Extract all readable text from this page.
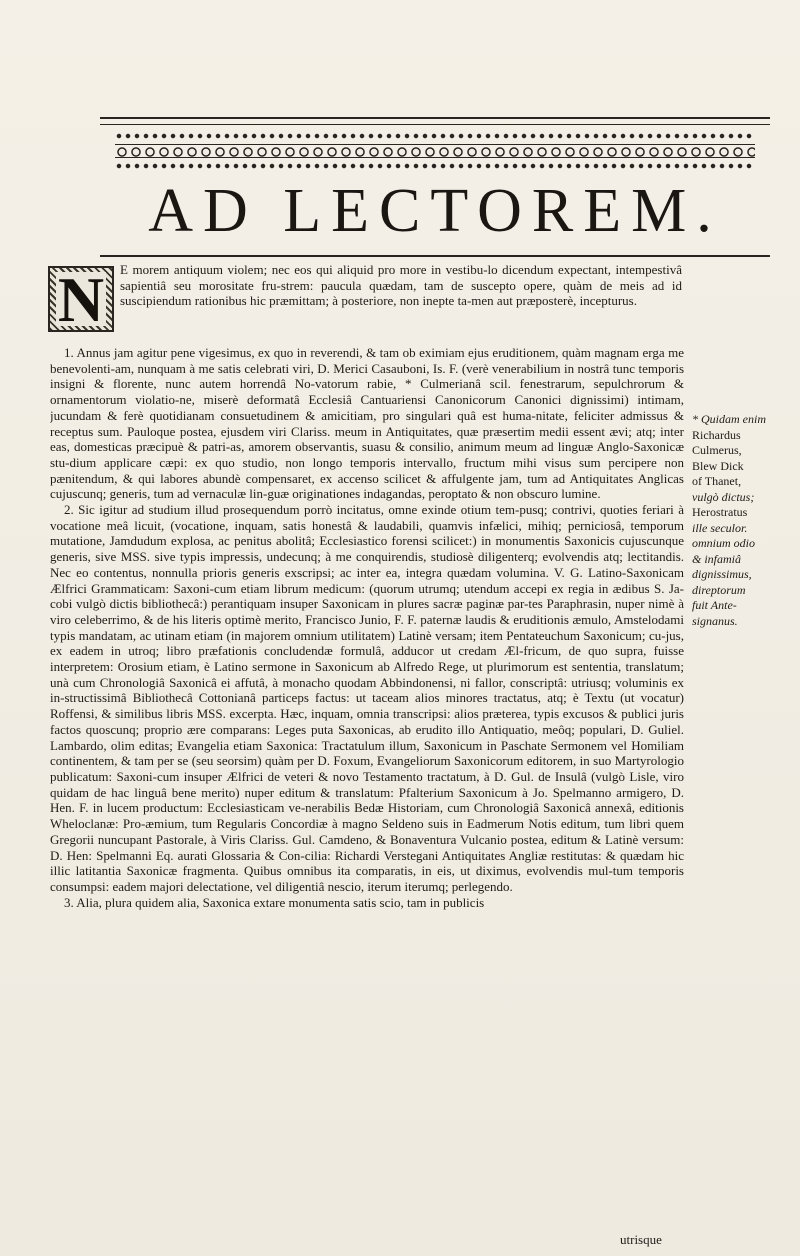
AD LECTOREM.
N E morem antiquum violem; nec eos qui aliquid pro more in vestibu-lo dicendum expectant, intempestivâ sapientiâ seu morositate fru-strem: paucula quædam, tam de suscepto opere, quàm de meis ad id suscipiendum rationibus hic præmittam; à posteriore, non inepte ta-men aut præposterè, incepturus.

1. Annus jam agitur pene vigesimus, ex quo in reverendi, & tam ob eximiam ejus eruditionem, quàm magnam erga me benevolenti-am, nunquam à me satis celebrati viri, D. Merici Casauboni, Is. F. (verè venerabilium in nostrâ tunc temporis insigni & florente, nunc autem horrendâ No-vatorum rabie, * Culmerianâ scil. fenestrarum, sepulchrorum & ornamentorum violatio-ne, miserè deformatâ Ecclesiâ Cantuariensi Canonicorum Canonici dignissimi) intimam, jucundam & ferè quotidianam consuetudinem & amicitiam, pro singulari quâ est huma-nitate, feliciter admissus & receptus sum. Pauloque postea, ejusdem viri Clariss. meum in Antiquitates, quæ præsertim medii essent ævi; atq; inter eas, domesticas præcipuè & patri-as, amorem observantis, suasu & consilio, animum meum ad linguæ Anglo-Saxonicæ stu-dium applicare cæpi: ex quo studio, non longo temporis intervallo, fructum mihi visus sum percipere non pænitendum, & qui labores abundè compensaret, ex accenso scilicet & affulgente jam, tum ad Antiquitates Anglicas cujuscunq; generis, tum ad vernaculæ lin-guæ originationes indagandas, peroptato & non obscuro lumine.

2. Sic igitur ad studium illud prosequendum porrò incitatus, omne exinde otium tem-pusq; contrivi, quoties feriari à vocatione meâ licuit, (vocatione, inquam, satis honestâ & laudabili, quamvis infælici, mihiq; perniciosâ, temporum mutatione, Jamdudum explosa, ac penitus abolitâ; Ecclesiastico forensi scilicet:) in monumentis Saxonicis cujuscunque generis, sive MSS. sive typis impressis, undecunq; à me conquirendis, studiosè diligenterq; evolvendis atq; lectitandis. Nec eo contentus, nonnulla prioris generis exscripsi; ac inter ea, integra quædam volumina. V. G. Latino-Saxonicam Ælfrici Grammaticam: Saxoni-cum etiam librum medicum: (quorum utrumq; utendum accepi ex regia in ædibus S. Ja-cobi vulgò dictis bibliothecâ:) perantiquam insuper Saxonicam in plures sacræ paginæ par-tes Paraphrasin, nuper nimè à viro celeberrimo, & de his literis optimè merito, Francisco Junio, F. F. paternæ laudis & eruditionis æmulo, Amstelodami typis mandatam, ac utinam etiam (in majorem omnium utilitatem) Latinè versam; item Pentateuchum Saxonicum; cu-jus, ex eadem in utroq; libro præfationis concludendæ formulâ, adducor ut credam Æl-fricum, de quo supra, fuisse interpretem: Orosium etiam, è Latino sermone in Saxonicum ab Alfredo Rege, ut plurimorum est sententia, translatum; unà cum Chronologiâ Saxonicâ ei affutâ, à monacho quodam Abbindonensi, ni fallor, conscriptâ: utriusq; voluminis ex in-structissimâ Bibliothecâ Cottonianâ particeps factus: ut taceam alios minores tractatus, atq; è Textu (ut vocatur) Roffensi, & similibus libris MSS. excerpta. Hæc, inquam, omnia transcripsi: alios præterea, typis excusos & publici juris factos quoscunq; proprio ære comparans: Leges puta Saxonicas, ab erudito illo Antiquatio, meôq; populari, D. Guliel. Lambardo, olim editas; Evangelia etiam Saxonica: Tractatulum illum, Saxonicum in Paschate Sermonem vel Homiliam continentem, & tam per se (seu seorsim) quàm per D. Foxum, Evangeliorum Saxonicorum editorem, in suo Martyrologio publicatum: Saxoni-cum insuper Ælfrici de veteri & novo Testamento tractatum, à D. Gul. de Insulâ (vulgò Lisle, viro quidam de hac linguâ bene merito) nuper editum & translatum: Pfalterium Saxonicum à Jo. Spelmanno armigero, D. Hen. F. in lucem productum: Ecclesiasticam ve-nerabilis Bedæ Historiam, cum Chronologiâ Saxonicâ annexâ, editionis Wheloclanæ: Pro-æmium, tum Regularis Concordiæ à magno Seldeno suis in Eadmerum Notis editum, tum libri quem Gregorii nuncupant Pastorale, à Viris Clariss. Gul. Camdeno, & Bonaventura Vulcanio postea, editum & Latinè versum: D. Hen: Spelmanni Eq. aurati Glossaria & Con-cilia: Richardi Verstegani Antiquitates Angliæ restitutas: & quædam hic illic latitantia Saxonicæ fragmenta. Quibus omnibus ita comparatis, in eis, ut diximus, evolvendis mul-tum temporis consumpsi: eadem majori delectatione, vel diligentiâ nescio, iterum iterumq; perlegendo.

3. Alia, plura quidem alia, Saxonica extare monumenta satis scio, tam in publicis

* Quidam enim
Richardus
Culmerus,
Blew Dick
of Thanet,
vulgò dictus;
Herostratus
ille seculor.
omnium odio
& infamiâ
dignissimus,
direptorum
fuit Ante-
signanus.
utrisque
